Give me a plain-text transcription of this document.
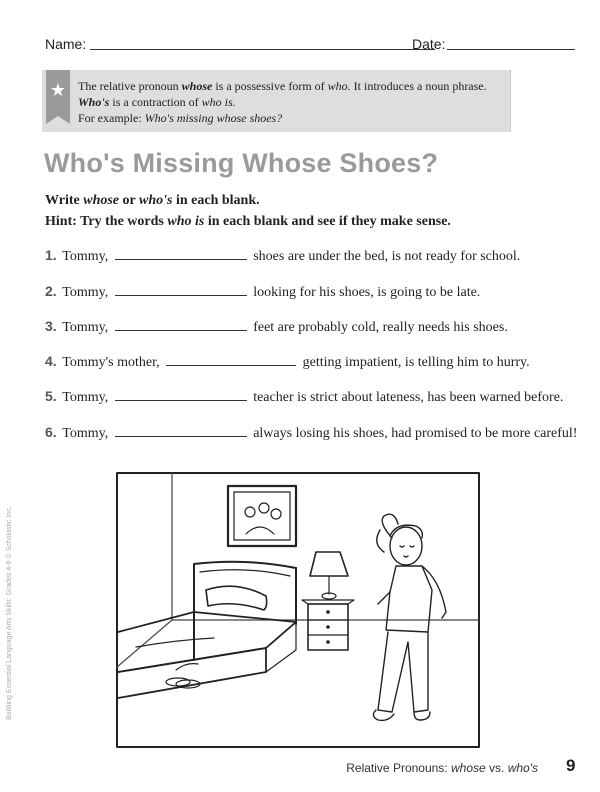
Name:	Date:
★ The relative pronoun whose is a possessive form of who. It introduces a noun phrase.
Who's is a contraction of who is.
For example: Who's missing whose shoes?
Who's Missing Whose Shoes?
Write whose or who's in each blank.
Hint: Try the words who is in each blank and see if they make sense.
1. Tommy,	shoes are under the bed, is not ready for school.
2. Tommy,	looking for his shoes, is going to be late.
3. Tommy,	feet are probably cold, really needs his shoes.
4. Tommy's mother,	getting impatient, is telling him to hurry.
5. Tommy,	teacher is strict about lateness, has been warned before.
6. Tommy,	always losing his shoes, had promised to be more careful!
Building Essential Language Arts Skills: Grades 4-6 © Scholastic Inc.
Relative Pronouns: whose vs. who's 9
